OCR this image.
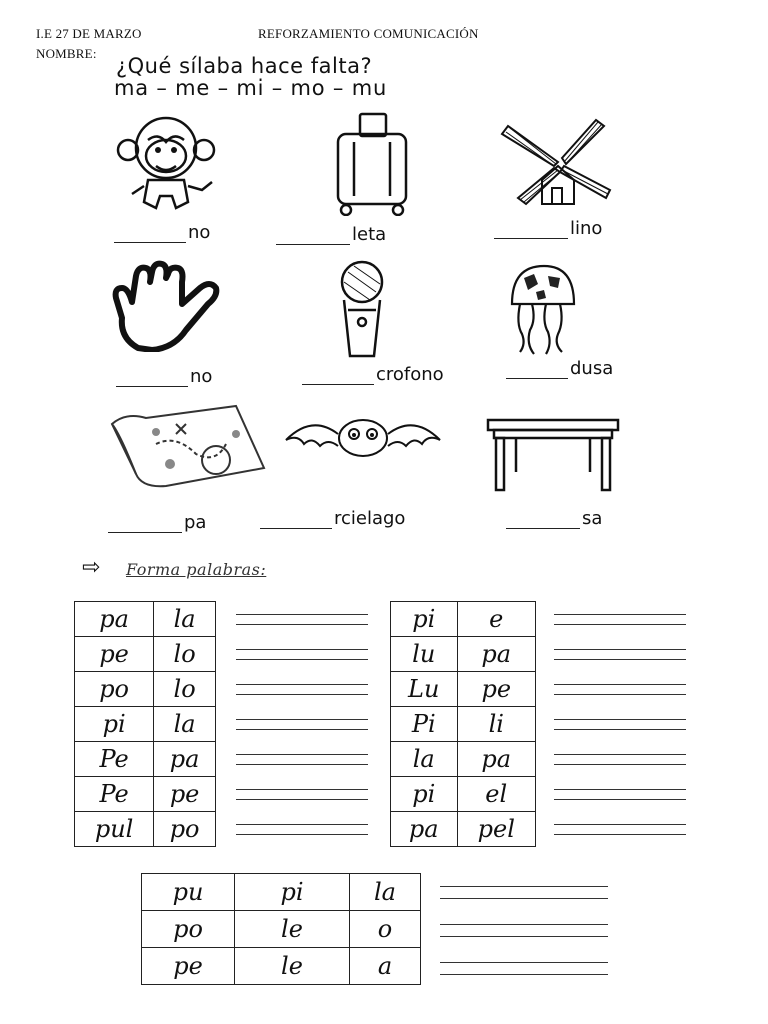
I.E 27 DE MARZO	REFORZAMIENTO COMUNICACIÓN
NOMBRE:
¿Qué sílaba hace falta?
ma – me – mi – mo – mu
no	leta	lino
no	crofono	dusa
pa	rcielago	sa
⇨ Forma palabras:
pa	la
pe	lo
po	lo
pi	la
Pe	pa
Pe	pe
pul	po
pi	e
lu	pa
Lu	pe
Pi	li
la	pa
pi	el
pa	pel
pu	pi	la
po	le	o
pe	le	a
